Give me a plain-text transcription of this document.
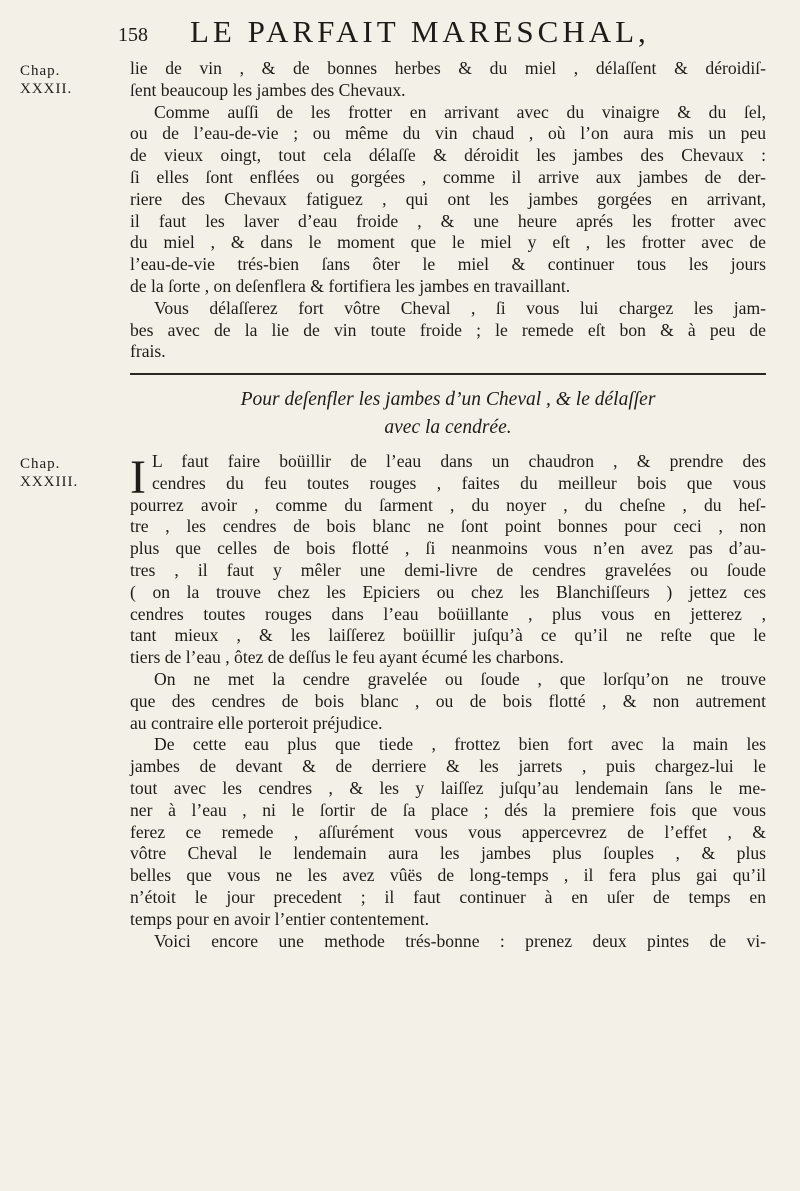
158 LE PARFAIT MARESCHAL,
Chap.
XXXII.
lie de vin , & de bonnes herbes & du miel , délaſſent & déroidiſ-
ſent beaucoup les jambes des Chevaux.
Comme auſſi de les frotter en arrivant avec du vinaigre & du ſel,
ou de l’eau-de-vie ; ou même du vin chaud , où l’on aura mis un peu
de vieux oingt, tout cela délaſſe & déroidit les jambes des Chevaux :
ſi elles ſont enflées ou gorgées , comme il arrive aux jambes de der-
riere des Chevaux fatiguez , qui ont les jambes gorgées en arrivant,
il faut les laver d’eau froide , & une heure aprés les frotter avec
du miel , & dans le moment que le miel y eſt , les frotter avec de
l’eau-de-vie trés-bien ſans ôter le miel & continuer tous les jours
de la ſorte , on deſenflera & fortifiera les jambes en travaillant.
Vous délaſſerez fort vôtre Cheval , ſi vous lui chargez les jam-
bes avec de la lie de vin toute froide ; le remede eſt bon & à peu de
frais.
Pour deſenfler les jambes d’un Cheval , & le délaſſer
avec la cendrée.
Chap.
XXXIII. I L faut faire boüillir de l’eau dans un chaudron , & prendre des
cendres du feu toutes rouges , faites du meilleur bois que vous
pourrez avoir , comme du ſarment , du noyer , du cheſne , du heſ-
tre , les cendres de bois blanc ne ſont point bonnes pour ceci , non
plus que celles de bois flotté , ſi neanmoins vous n’en avez pas d’au-
tres , il faut y mêler une demi-livre de cendres gravelées ou ſoude
( on la trouve chez les Epiciers ou chez les Blanchiſſeurs ) jettez ces
cendres toutes rouges dans l’eau boüillante , plus vous en jetterez ,
tant mieux , & les laiſſerez boüillir juſqu’à ce qu’il ne reſte que le
tiers de l’eau , ôtez de deſſus le feu ayant écumé les charbons.
On ne met la cendre gravelée ou ſoude , que lorſqu’on ne trouve
que des cendres de bois blanc , ou de bois flotté , & non autrement
au contraire elle porteroit préjudice.
De cette eau plus que tiede , frottez bien fort avec la main les
jambes de devant & de derriere & les jarrets , puis chargez-lui le
tout avec les cendres , & les y laiſſez juſqu’au lendemain ſans le me-
ner à l’eau , ni le ſortir de ſa place ; dés la premiere fois que vous
ferez ce remede , aſſurément vous vous appercevrez de l’effet , &
vôtre Cheval le lendemain aura les jambes plus ſouples , & plus
belles que vous ne les avez vûës de long-temps , il fera plus gai qu’il
n’étoit le jour precedent ; il faut continuer à en uſer de temps en
temps pour en avoir l’entier contentement.
Voici encore une methode trés-bonne : prenez deux pintes de vi-
